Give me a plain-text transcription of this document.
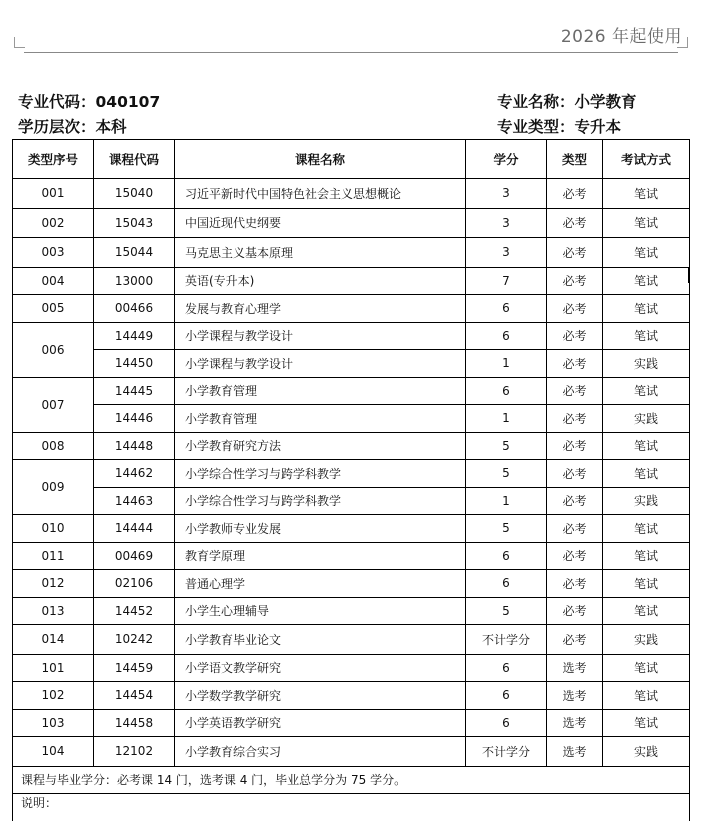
2026 年起使用
专业代码：040107	专业名称：小学教育
学历层次：本科	专业类型：专升本
类型序号	课程代码	课程名称	学分	类型	考试方式
001	15040	习近平新时代中国特色社会主义思想概论	3	必考	笔试
002	15043	中国近现代史纲要	3	必考	笔试
003	15044	马克思主义基本原理	3	必考	笔试
004	13000	英语(专升本)	7	必考	笔试
005	00466	发展与教育心理学	6	必考	笔试
006	14449	小学课程与教学设计	6	必考	笔试
	14450	小学课程与教学设计	1	必考	实践
007	14445	小学教育管理	6	必考	笔试
	14446	小学教育管理	1	必考	实践
008	14448	小学教育研究方法	5	必考	笔试
009	14462	小学综合性学习与跨学科教学	5	必考	笔试
	14463	小学综合性学习与跨学科教学	1	必考	实践
010	14444	小学教师专业发展	5	必考	笔试
011	00469	教育学原理	6	必考	笔试
012	02106	普通心理学	6	必考	笔试
013	14452	小学生心理辅导	5	必考	笔试
014	10242	小学教育毕业论文	不计学分	必考	实践
101	14459	小学语文教学研究	6	选考	笔试
102	14454	小学数学教学研究	6	选考	笔试
103	14458	小学英语教学研究	6	选考	笔试
104	12102	小学教育综合实习	不计学分	选考	实践
课程与毕业学分：必考课 14 门，选考课 4 门，毕业总学分为 75 学分。					
说明：					
